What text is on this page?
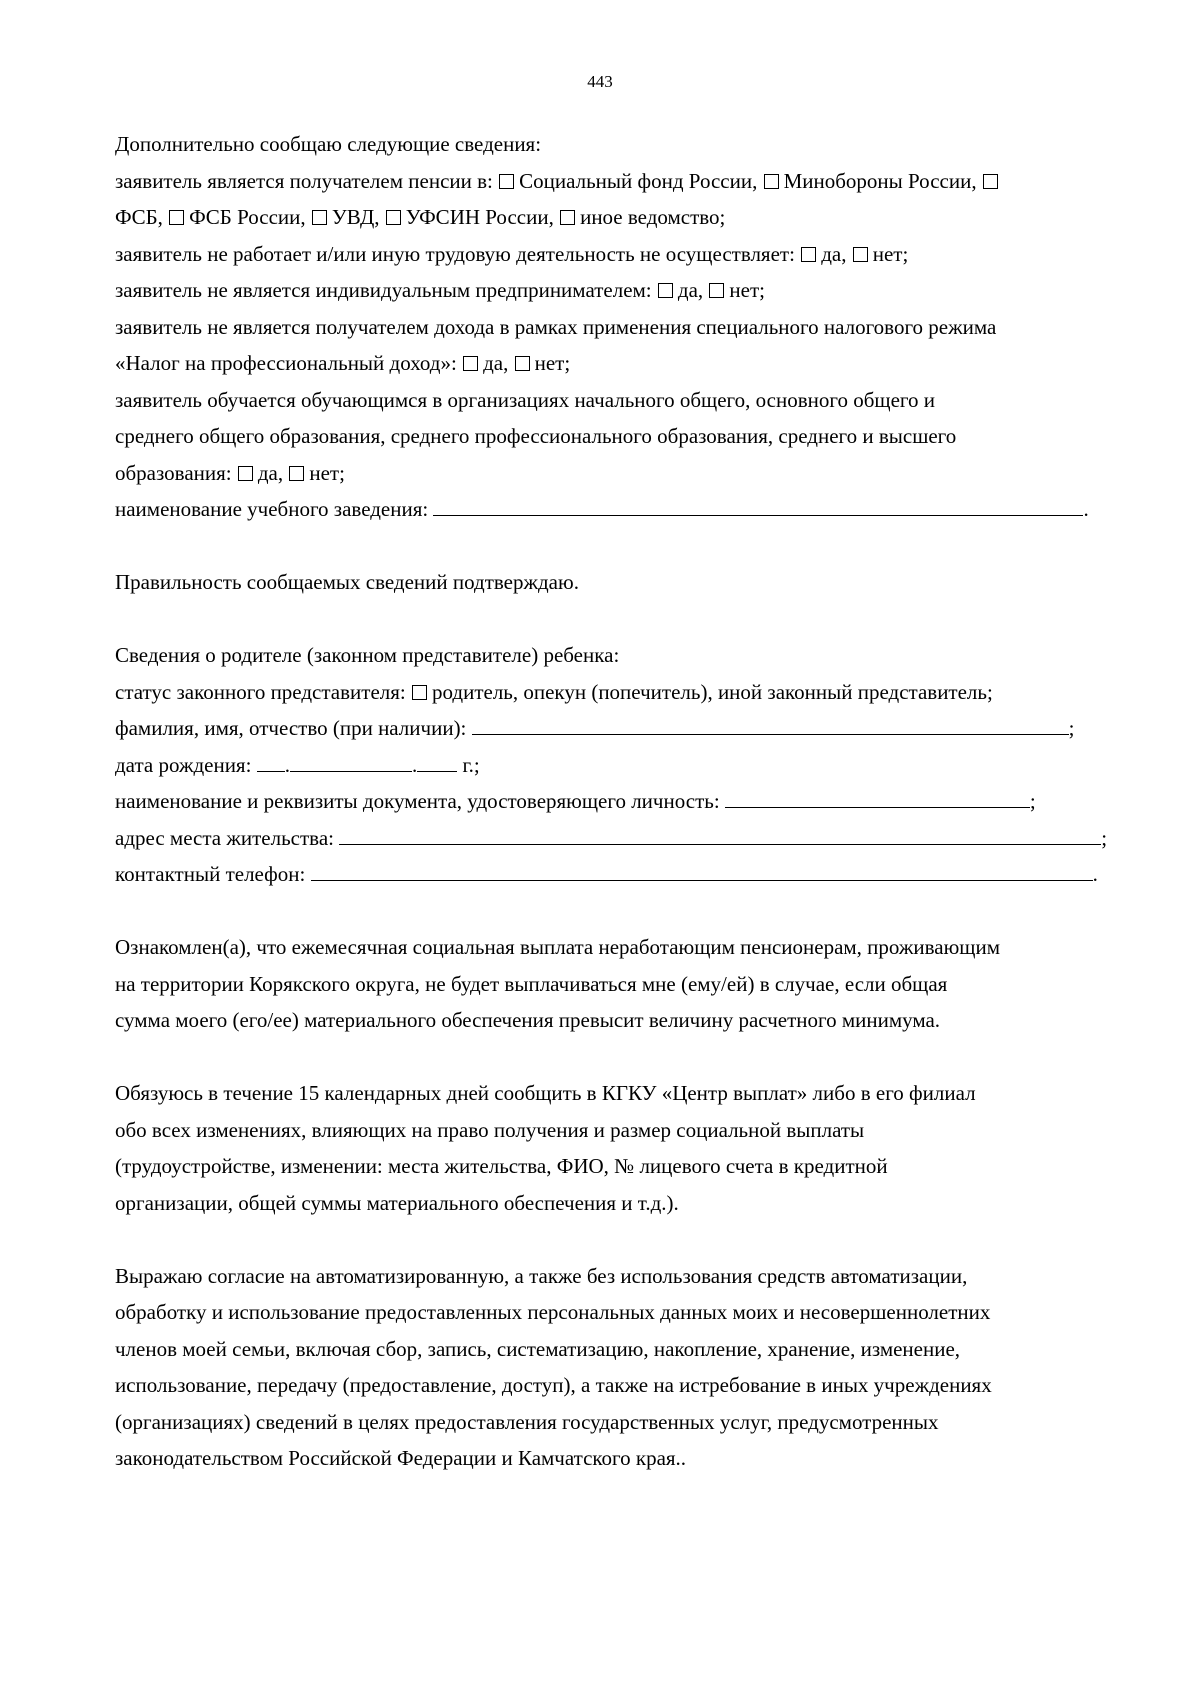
443
Дополнительно сообщаю следующие сведения:
заявитель является получателем пенсии в: Социальный фонд России, Минобороны России,
ФСБ, ФСБ России, УВД, УФСИН России, иное ведомство;
заявитель не работает и/или иную трудовую деятельность не осуществляет: да, нет;
заявитель не является индивидуальным предпринимателем: да, нет;
заявитель не является получателем дохода в рамках применения специального налогового режима
«Налог на профессиональный доход»: да, нет;
заявитель обучается обучающимся в организациях начального общего, основного общего и
среднего общего образования, среднего профессионального образования, среднего и высшего
образования: да, нет;
наименование учебного заведения:	.
Правильность сообщаемых сведений подтверждаю.
Сведения о родителе (законном представителе) ребенка:
статус законного представителя: родитель, опекун (попечитель), иной законный представитель;
фамилия, имя, отчество (при наличии):	;
дата рождения: .	. г.;
наименование и реквизиты документа, удостоверяющего личность:	;
адрес места жительства:	;
контактный телефон:	.
Ознакомлен(а), что ежемесячная социальная выплата неработающим пенсионерам, проживающим
на территории Корякского округа, не будет выплачиваться мне (ему/ей) в случае, если общая
сумма моего (его/ее) материального обеспечения превысит величину расчетного минимума.
Обязуюсь в течение 15 календарных дней сообщить в КГКУ «Центр выплат» либо в его филиал
обо всех изменениях, влияющих на право получения и размер социальной выплаты
(трудоустройстве, изменении: места жительства, ФИО, № лицевого счета в кредитной
организации, общей суммы материального обеспечения и т.д.).
Выражаю согласие на автоматизированную, а также без использования средств автоматизации,
обработку и использование предоставленных персональных данных моих и несовершеннолетних
членов моей семьи, включая сбор, запись, систематизацию, накопление, хранение, изменение,
использование, передачу (предоставление, доступ), а также на истребование в иных учреждениях
(организациях) сведений в целях предоставления государственных услуг, предусмотренных
законодательством Российской Федерации и Камчатского края..
